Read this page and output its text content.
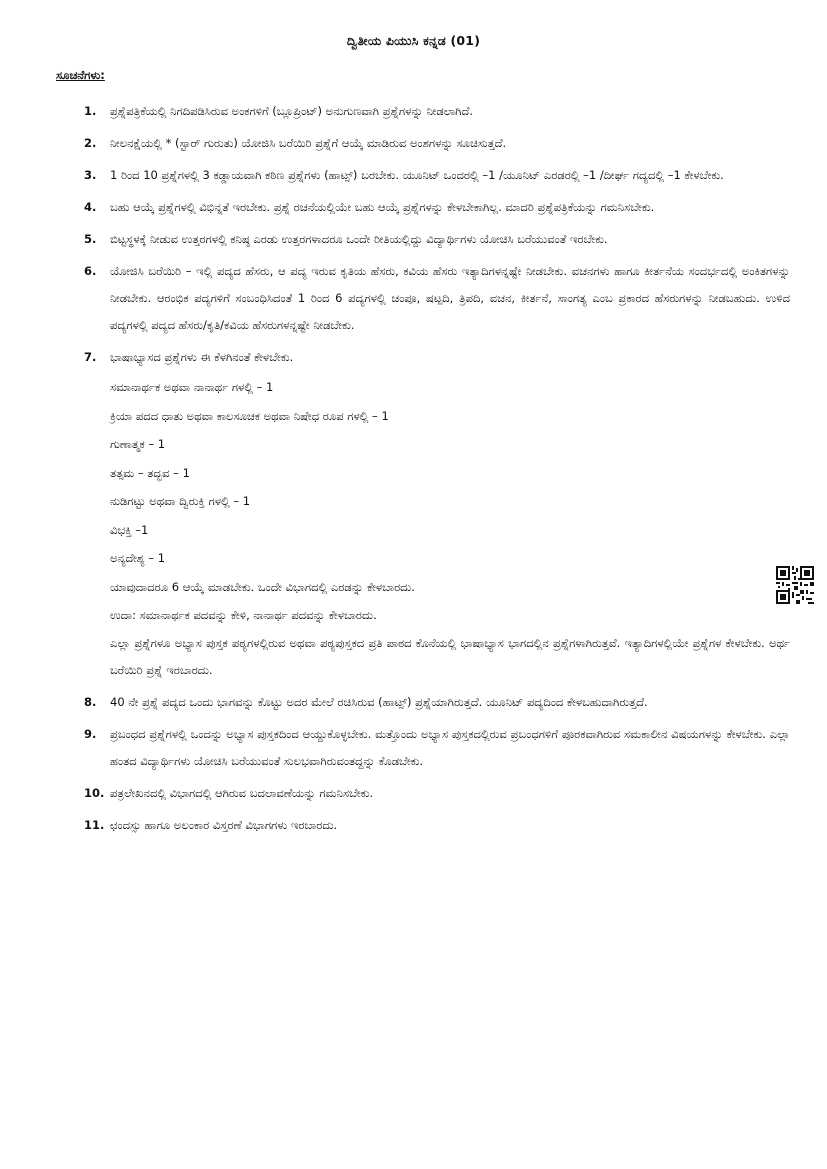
ದ್ವಿತೀಯ ಪಿಯುಸಿ ಕನ್ನಡ (01)
ಸೂಚನೆಗಳು:
1.	ಪ್ರಶ್ನೆಪತ್ರಿಕೆಯಲ್ಲಿ ನಿಗದಿಪಡಿಸಿರುವ ಅಂಕಗಳಿಗೆ (ಬ್ಲೂಪ್ರಿಂಟ್) ಅನುಗುಣವಾಗಿ ಪ್ರಶ್ನೆಗಳನ್ನು ನೀಡಲಾಗಿದೆ.
2.	ನೀಲನಕ್ಷೆಯಲ್ಲಿ * (ಸ್ಟಾರ್ ಗುರುತು) ಯೋಜಿಸಿ ಬರೆಯಿರಿ ಪ್ರಶ್ನೆಗೆ ಆಯ್ಕೆ ಮಾಡಿರುವ ಅಂಶಗಳನ್ನು ಸೂಚಿಸುತ್ತದೆ.
3.	1 ರಿಂದ 10 ಪ್ರಶ್ನೆಗಳಲ್ಲಿ 3 ಕಡ್ಡಾಯವಾಗಿ ಕಠಿಣ ಪ್ರಶ್ನೆಗಳು (ಹಾಟ್ಸ್) ಬರಬೇಕು. ಯೂನಿಟ್ ಒಂದರಲ್ಲಿ –1 /ಯೂನಿಟ್ ಎರಡರಲ್ಲಿ –1 /ದೀರ್ಘ ಗದ್ಯದಲ್ಲಿ –1 ಕೇಳಬೇಕು.
4.	ಬಹು ಆಯ್ಕೆ ಪ್ರಶ್ನೆಗಳಲ್ಲಿ ವಿಭಿನ್ನತೆ ಇರಬೇಕು. ಪ್ರಶ್ನೆ ರಚನೆಯಲ್ಲಿಯೇ ಬಹು ಆಯ್ಕೆ ಪ್ರಶ್ನೆಗಳನ್ನು ಕೇಳಬೇಕಾಗಿಲ್ಲ. ಮಾದರಿ ಪ್ರಶ್ನೆಪತ್ರಿಕೆಯನ್ನು ಗಮನಿಸಬೇಕು.
5.	ಬಿಟ್ಟಸ್ಥಳಕ್ಕೆ ನೀಡುವ ಉತ್ತರಗಳಲ್ಲಿ ಕನಿಷ್ಠ ಎರಡು ಉತ್ತರಗಳಾದರೂ ಒಂದೇ ರೀತಿಯಲ್ಲಿದ್ದು ವಿದ್ಯಾರ್ಥಿಗಳು ಯೋಚಿಸಿ ಬರೆಯುವಂತೆ ಇರಬೇಕು.
6.	ಯೋಜಿಸಿ ಬರೆಯಿರಿ – ಇಲ್ಲಿ ಪದ್ಯದ ಹೆಸರು, ಆ ಪದ್ಯ ಇರುವ ಕೃತಿಯ ಹೆಸರು, ಕವಿಯ ಹೆಸರು ಇತ್ಯಾದಿಗಳನ್ನಷ್ಟೇ ನೀಡಬೇಕು. ವಚನಗಳು ಹಾಗೂ ಕೀರ್ತನೆಯ ಸಂದರ್ಭದಲ್ಲಿ ಅಂಕಿತಗಳನ್ನು ನೀಡಬೇಕು. ಆರಂಭಿಕ ಪದ್ಯಗಳಿಗೆ ಸಂಬಂಧಿಸಿದಂತೆ 1 ರಿಂದ 6 ಪದ್ಯಗಳಲ್ಲಿ ಚಂಪೂ, ಷಟ್ಪದಿ, ತ್ರಿಪದಿ, ವಚನ, ಕೀರ್ತನೆ, ಸಾಂಗತ್ಯ ಎಂಬ ಪ್ರಕಾರದ ಹೆಸರುಗಳನ್ನು ನೀಡಬಹುದು. ಉಳಿದ ಪದ್ಯಗಳಲ್ಲಿ ಪದ್ಯದ ಹೆಸರು/ಕೃತಿ/ಕವಿಯ ಹೆಸರುಗಳನ್ನಷ್ಟೇ ನೀಡಬೇಕು.
7.	ಭಾಷಾಭ್ಯಾಸದ ಪ್ರಶ್ನೆಗಳು ಈ ಕೆಳಗಿನಂತೆ ಕೇಳಬೇಕು.
ಸಮಾನಾರ್ಥಕ ಅಥವಾ ನಾನಾರ್ಥ ಗಳಲ್ಲಿ – 1
ಕ್ರಿಯಾ ಪದದ ಧಾತು ಅಥವಾ ಕಾಲಸೂಚಕ ಅಥವಾ ನಿಷೇಧ ರೂಪ ಗಳಲ್ಲಿ – 1
ಗುಣಾತ್ಮಕ – 1
ತತ್ಸಮ – ತದ್ಭವ – 1
ನುಡಿಗಟ್ಟು ಅಥವಾ ದ್ವಿರುಕ್ತಿ ಗಳಲ್ಲಿ – 1
ವಿಭಕ್ತಿ –1
ಅನ್ಯದೇಶ್ಯ – 1
ಯಾವುದಾದರೂ 6 ಆಯ್ಕೆ ಮಾಡಬೇಕು. ಒಂದೇ ವಿಭಾಗದಲ್ಲಿ ಎರಡನ್ನು ಕೇಳಬಾರದು.
ಉದಾ: ಸಮಾನಾರ್ಥಕ ಪದವನ್ನು ಕೇಳಿ, ನಾನಾರ್ಥ ಪದವನ್ನು ಕೇಳಬಾರದು.
ಎಲ್ಲಾ ಪ್ರಶ್ನೆಗಳೂ ಅಭ್ಯಾಸ ಪುಸ್ತಕ ಪಠ್ಯಗಳಲ್ಲಿರುವ ಅಥವಾ ಪಠ್ಯಪುಸ್ತಕದ ಪ್ರತಿ ಪಾಠದ ಕೊನೆಯಲ್ಲಿ ಭಾಷಾಭ್ಯಾಸ ಭಾಗದಲ್ಲಿನ ಪ್ರಶ್ನೆಗಳಾಗಿರುತ್ತವೆ. ಇತ್ಯಾದಿಗಳಲ್ಲಿಯೇ ಪ್ರಶ್ನೆಗಳ ಕೇಳಬೇಕು. ಅರ್ಥ ಬರೆಯಿರಿ ಪ್ರಶ್ನೆ ಇರಬಾರದು.
8.	40 ನೇ ಪ್ರಶ್ನೆ ಪದ್ಯದ ಒಂದು ಭಾಗವನ್ನು ಕೊಟ್ಟು ಅದರ ಮೇಲೆ ರಚಿಸಿರುವ (ಹಾಟ್ಸ್) ಪ್ರಶ್ನೆಯಾಗಿರುತ್ತದೆ. ಯೂನಿಟ್ ಪದ್ಯದಿಂದ ಕೇಳಬಹುದಾಗಿರುತ್ತದೆ.
9.	ಪ್ರಬಂಧದ ಪ್ರಶ್ನೆಗಳಲ್ಲಿ ಒಂದನ್ನು ಅಭ್ಯಾಸ ಪುಸ್ತಕದಿಂದ ಆಯ್ದುಕೊಳ್ಳಬೇಕು. ಮತ್ತೊಂದು ಅಭ್ಯಾಸ ಪುಸ್ತಕದಲ್ಲಿರುವ ಪ್ರಬಂಧಗಳಿಗೆ ಪೂರಕವಾಗಿರುವ ಸಮಕಾಲೀನ ವಿಷಯಗಳನ್ನು ಕೇಳಬೇಕು. ಎಲ್ಲಾ ಹಂತದ ವಿದ್ಯಾರ್ಥಿಗಳು ಯೋಚಿಸಿ ಬರೆಯುವಂತೆ ಸುಲಭವಾಗಿರುವಂತದ್ದನ್ನು ಕೊಡಬೇಕು.
10. ಪತ್ರಲೇಖನದಲ್ಲಿ ವಿಭಾಗದಲ್ಲಿ ಆಗಿರುವ ಬದಲಾವಣೆಯನ್ನು ಗಮನಿಸಬೇಕು.
11. ಛಂದಸ್ಸು ಹಾಗೂ ಅಲಂಕಾರ ವಿಸ್ತರಣೆ ವಿಭಾಗಗಳು ಇರಬಾರದು.
